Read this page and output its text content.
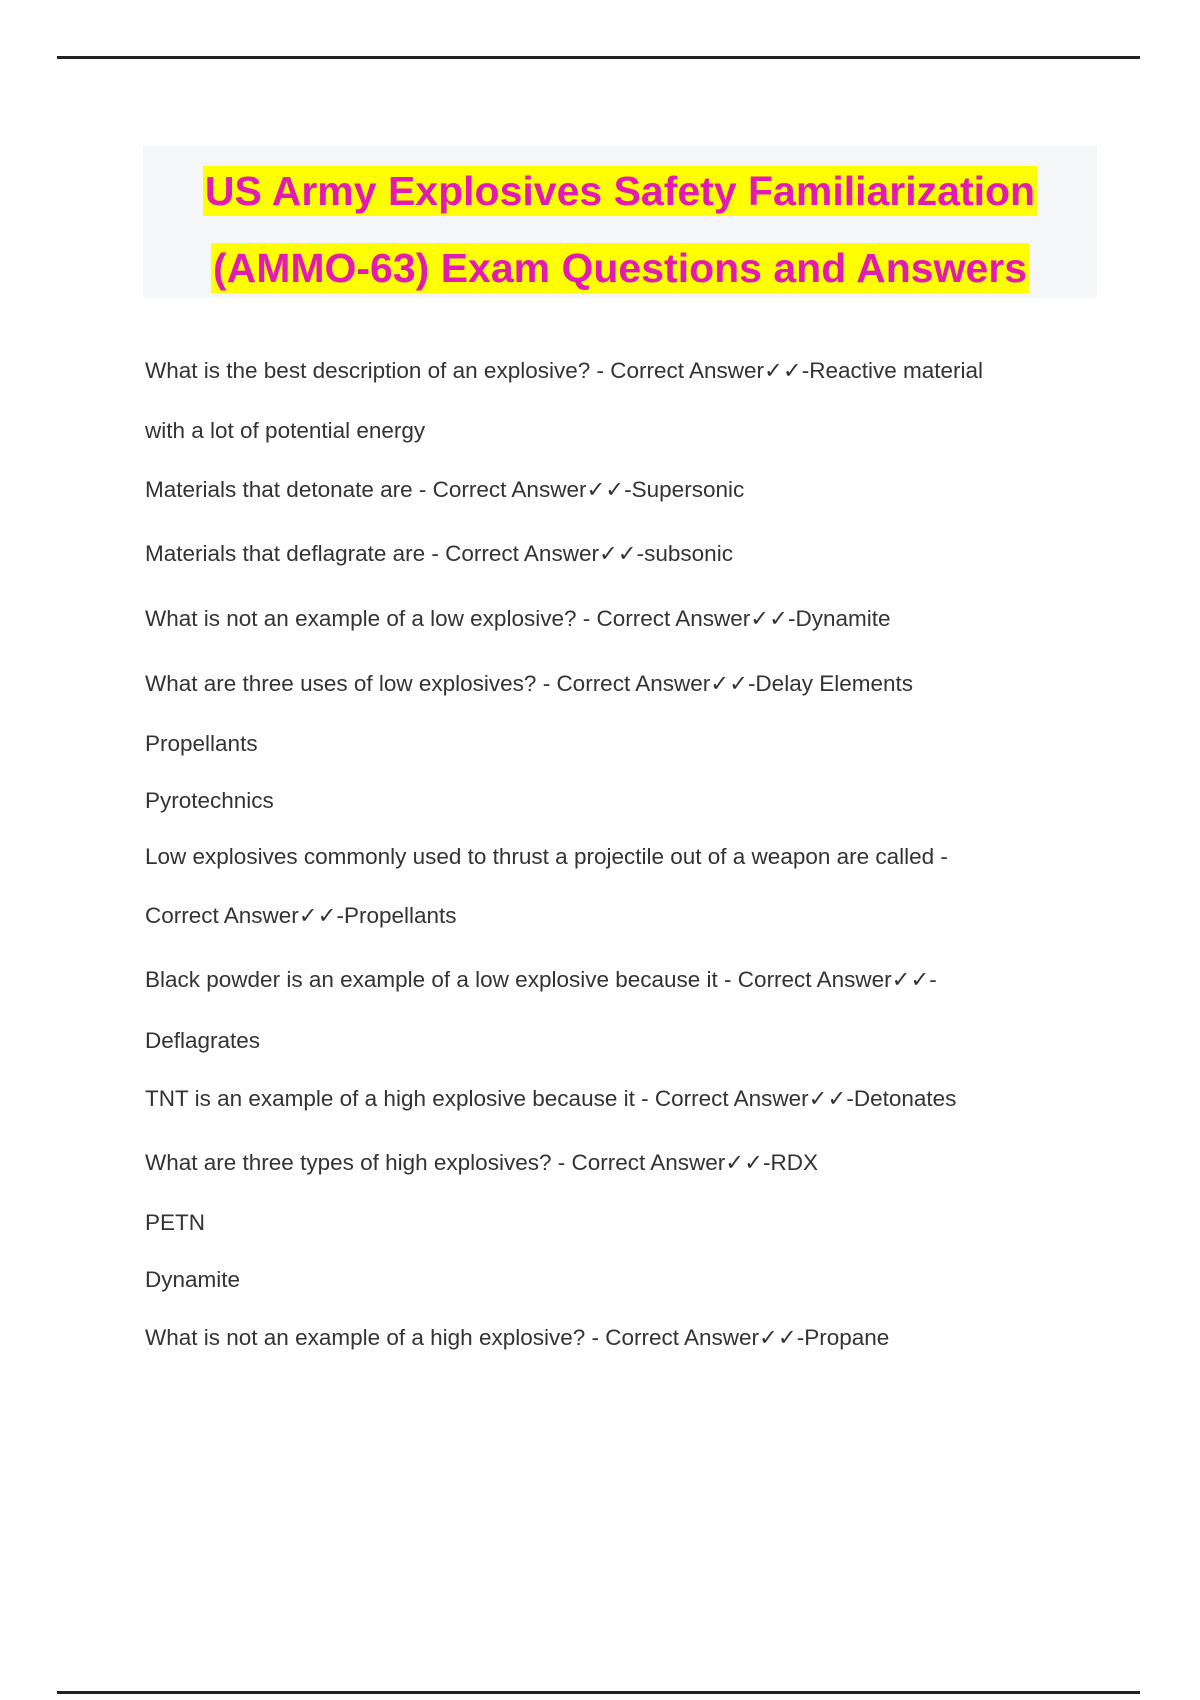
US Army Explosives Safety Familiarization
(AMMO-63) Exam Questions and Answers
What is the best description of an explosive? - Correct Answer✓✓-Reactive material
with a lot of potential energy
Materials that detonate are - Correct Answer✓✓-Supersonic
Materials that deflagrate are - Correct Answer✓✓-subsonic
What is not an example of a low explosive? - Correct Answer✓✓-Dynamite
What are three uses of low explosives? - Correct Answer✓✓-Delay Elements
Propellants
Pyrotechnics
Low explosives commonly used to thrust a projectile out of a weapon are called -
Correct Answer✓✓-Propellants
Black powder is an example of a low explosive because it - Correct Answer✓✓-
Deflagrates
TNT is an example of a high explosive because it - Correct Answer✓✓-Detonates
What are three types of high explosives? - Correct Answer✓✓-RDX
PETN
Dynamite
What is not an example of a high explosive? - Correct Answer✓✓-Propane
